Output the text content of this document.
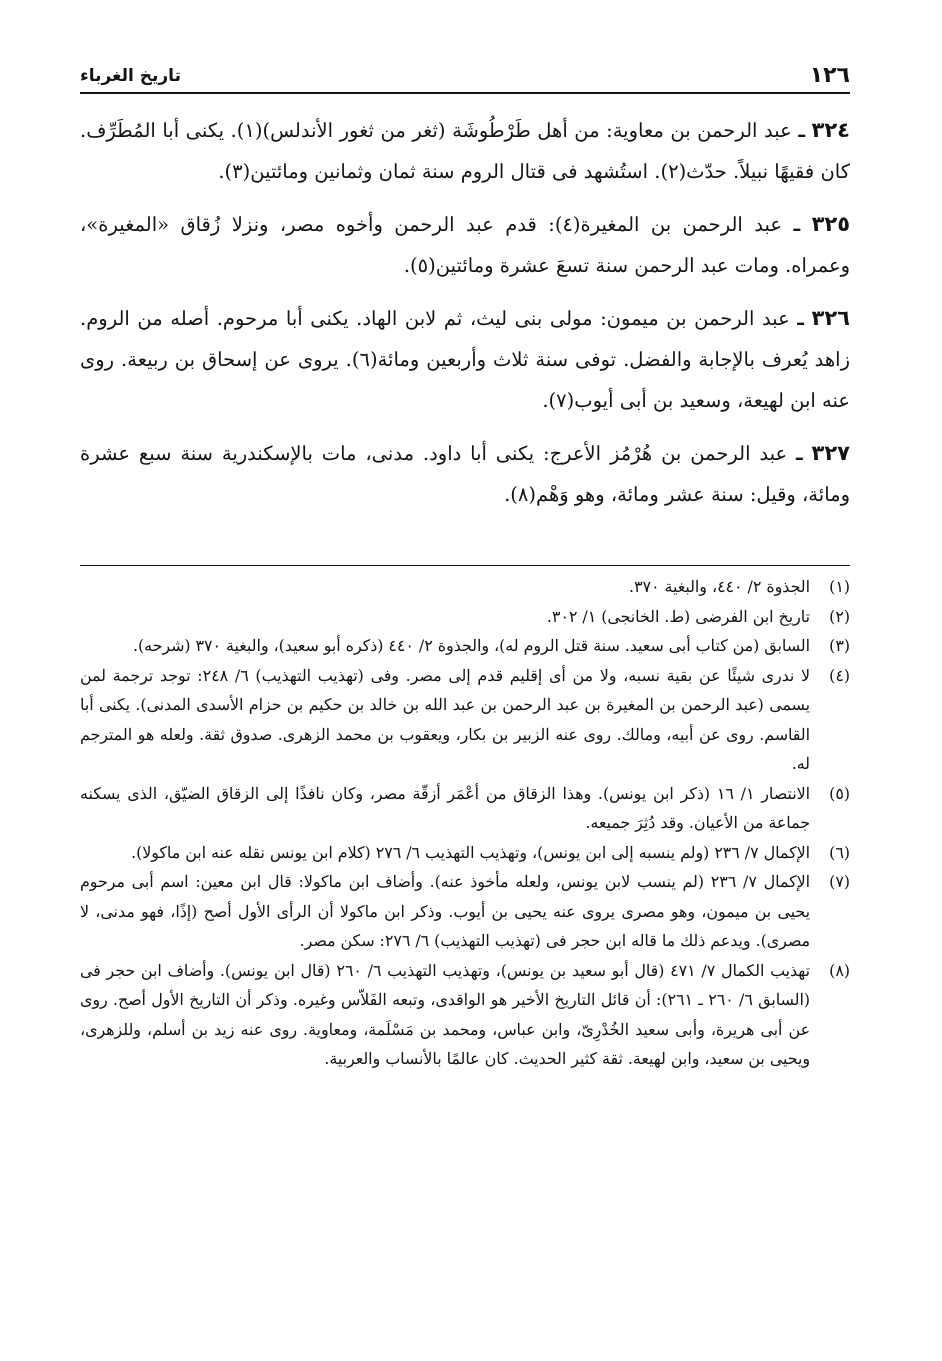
١٢٦
تاريخ الغرباء

٣٢٤ ـ عبد الرحمن بن معاوية: من أهل طَرْطُوشَة (ثغر من ثغور الأندلس)(١). يكنى أبا المُطَرِّف. كان فقيهًا نبيلاً. حدّث(٢). استُشهد فى قتال الروم سنة ثمان وثمانين ومائتين(٣).

٣٢٥ ـ عبد الرحمن بن المغيرة(٤): قدم عبد الرحمن وأخوه مصر، ونزلا زُقاق «المغيرة»، وعمراه. ومات عبد الرحمن سنة تسعَ عشرة ومائتين(٥).

٣٢٦ ـ عبد الرحمن بن ميمون: مولى بنى ليث، ثم لابن الهاد. يكنى أبا مرحوم. أصله من الروم. زاهد يُعرف بالإجابة والفضل. توفى سنة ثلاث وأربعين ومائة(٦). يروى عن إسحاق بن ربيعة. روى عنه ابن لهيعة، وسعيد بن أبى أيوب(٧).

٣٢٧ ـ عبد الرحمن بن هُرْمُز الأعرج: يكنى أبا داود. مدنى، مات بالإسكندرية سنة سبع عشرة ومائة، وقيل: سنة عشر ومائة، وهو وَهْم(٨).

(١)
الجذوة ٢/ ٤٤٠، والبغية ٣٧٠.
(٢)
تاريخ ابن الفرضى (ط. الخانجى) ١/ ٣٠٢.
(٣)
السابق (من كتاب أبى سعيد. سنة قتل الروم له)، والجذوة ٢/ ٤٤٠ (ذكره أبو سعيد)، والبغية ٣٧٠ (شرحه).
(٤)
لا ندرى شيئًا عن بقية نسبه، ولا من أى إقليم قدم إلى مصر. وفى (تهذيب التهذيب) ٦/ ٢٤٨: توجد ترجمة لمن يسمى (عبد الرحمن بن المغيرة بن عبد الرحمن بن عبد الله بن خالد بن حكيم بن حزام الأسدى المدنى). يكنى أبا القاسم. روى عن أبيه، ومالك. روى عنه الزبير بن بكار، ويعقوب بن محمد الزهرى. صدوق ثقة. ولعله هو المترجم له.
(٥)
الانتصار ١/ ١٦ (ذكر ابن يونس). وهذا الزقاق من أعْمَر أزقّة مصر، وكان نافذًا إلى الزقاق الضيّق، الذى يسكنه جماعة من الأعيان. وقد دُثِرَ جميعه.
(٦)
الإكمال ٧/ ٢٣٦ (ولم ينسبه إلى ابن يونس)، وتهذيب التهذيب ٦/ ٢٧٦ (كلام ابن يونس نقله عنه ابن ماكولا).
(٧)
الإكمال ٧/ ٢٣٦ (لم ينسب لابن يونس، ولعله مأخوذ عنه). وأضاف ابن ماكولا: قال ابن معين: اسم أبى مرحوم يحيى بن ميمون، وهو مصرى يروى عنه يحيى بن أيوب. وذكر ابن ماكولا أن الرأى الأول أصح (إذًا، فهو مدنى، لا مصرى). ويدعم ذلك ما قاله ابن حجر فى (تهذيب التهذيب) ٦/ ٢٧٦: سكن مصر.
(٨)
تهذيب الكمال ٧/ ٤٧١ (قال أبو سعيد بن يونس)، وتهذيب التهذيب ٦/ ٢٦٠ (قال ابن يونس). وأضاف ابن حجر فى (السابق ٦/ ٢٦٠ ـ ٢٦١): أن قائل التاريخ الأخير هو الواقدى، وتبعه الفَلاّس وغيره. وذكر أن التاريخ الأول أصح. روى عن أبى هريرة، وأبى سعيد الخُدْرِىّ، وابن عباس، ومحمد بن مَسْلَمة، ومعاوية. روى عنه زيد بن أسلم، وللزهرى، ويحيى بن سعيد، وابن لهيعة. ثقة كثير الحديث. كان عالمًا بالأنساب والعربية.
